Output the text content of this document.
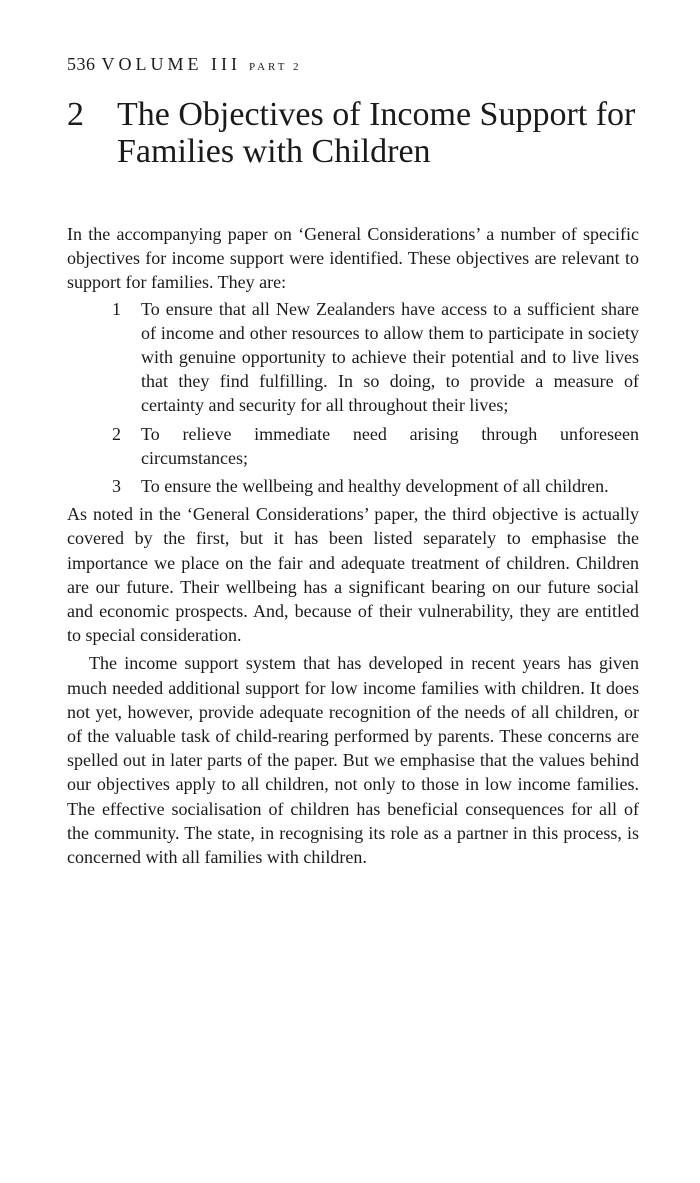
536 VOLUME III PART 2
2 The Objectives of Income Support for Families with Children

In the accompanying paper on ‘General Considerations’ a number of specific objectives for income support were identified. These objectives are relevant to support for families. They are:

1 To ensure that all New Zealanders have access to a sufficient share of income and other resources to allow them to participate in society with genuine opportunity to achieve their potential and to live lives that they find fulfilling. In so doing, to provide a measure of certainty and security for all throughout their lives;
2 To relieve immediate need arising through unforeseen circumstances;
3 To ensure the wellbeing and healthy development of all children.

As noted in the ‘General Considerations’ paper, the third objective is actually covered by the first, but it has been listed separately to emphasise the importance we place on the fair and adequate treatment of children. Children are our future. Their wellbeing has a significant bearing on our future social and economic prospects. And, because of their vulnerability, they are entitled to special consideration.

The income support system that has developed in recent years has given much needed additional support for low income families with children. It does not yet, however, provide adequate recognition of the needs of all children, or of the valuable task of child-rearing performed by parents. These concerns are spelled out in later parts of the paper. But we emphasise that the values behind our objectives apply to all children, not only to those in low income families. The effective socialisation of children has beneficial consequences for all of the community. The state, in recognising its role as a partner in this process, is concerned with all families with children.
